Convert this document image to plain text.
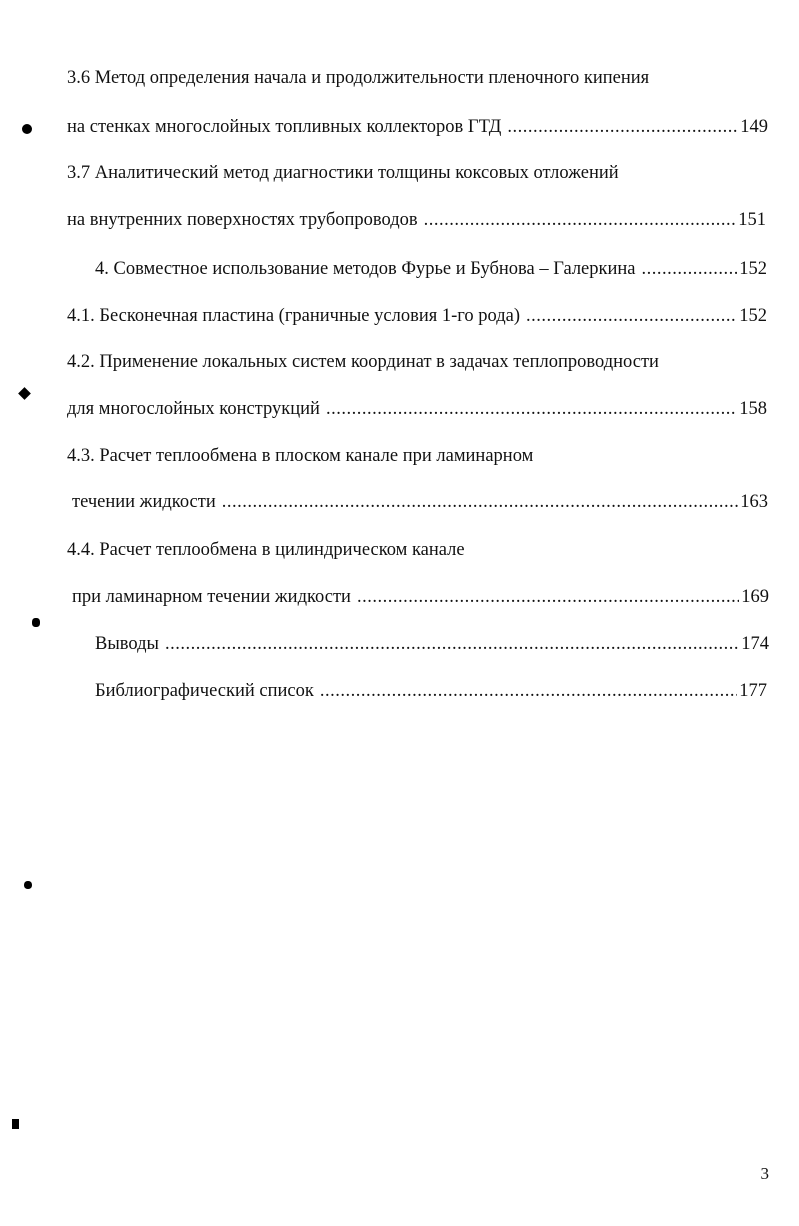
3.6 Метод определения начала и продолжительности пленочного кипения
на стенках многослойных топливных коллекторов ГТД .....	149
3.7 Аналитический метод диагностики толщины коксовых отложений
на внутренних поверхностях трубопроводов .....	151
4. Совместное использование методов Фурье и Бубнова – Галеркина .....	152
4.1. Бесконечная пластина (граничные условия 1-го рода) .....	152
4.2. Применение локальных систем координат в задачах теплопроводности
для многослойных конструкций .....	158
4.3. Расчет теплообмена в плоском канале при ламинарном
течении жидкости .....	163
4.4. Расчет теплообмена в цилиндрическом канале
при ламинарном течении жидкости .....	169
Выводы .....	174
Библиографический список .....	177
3
